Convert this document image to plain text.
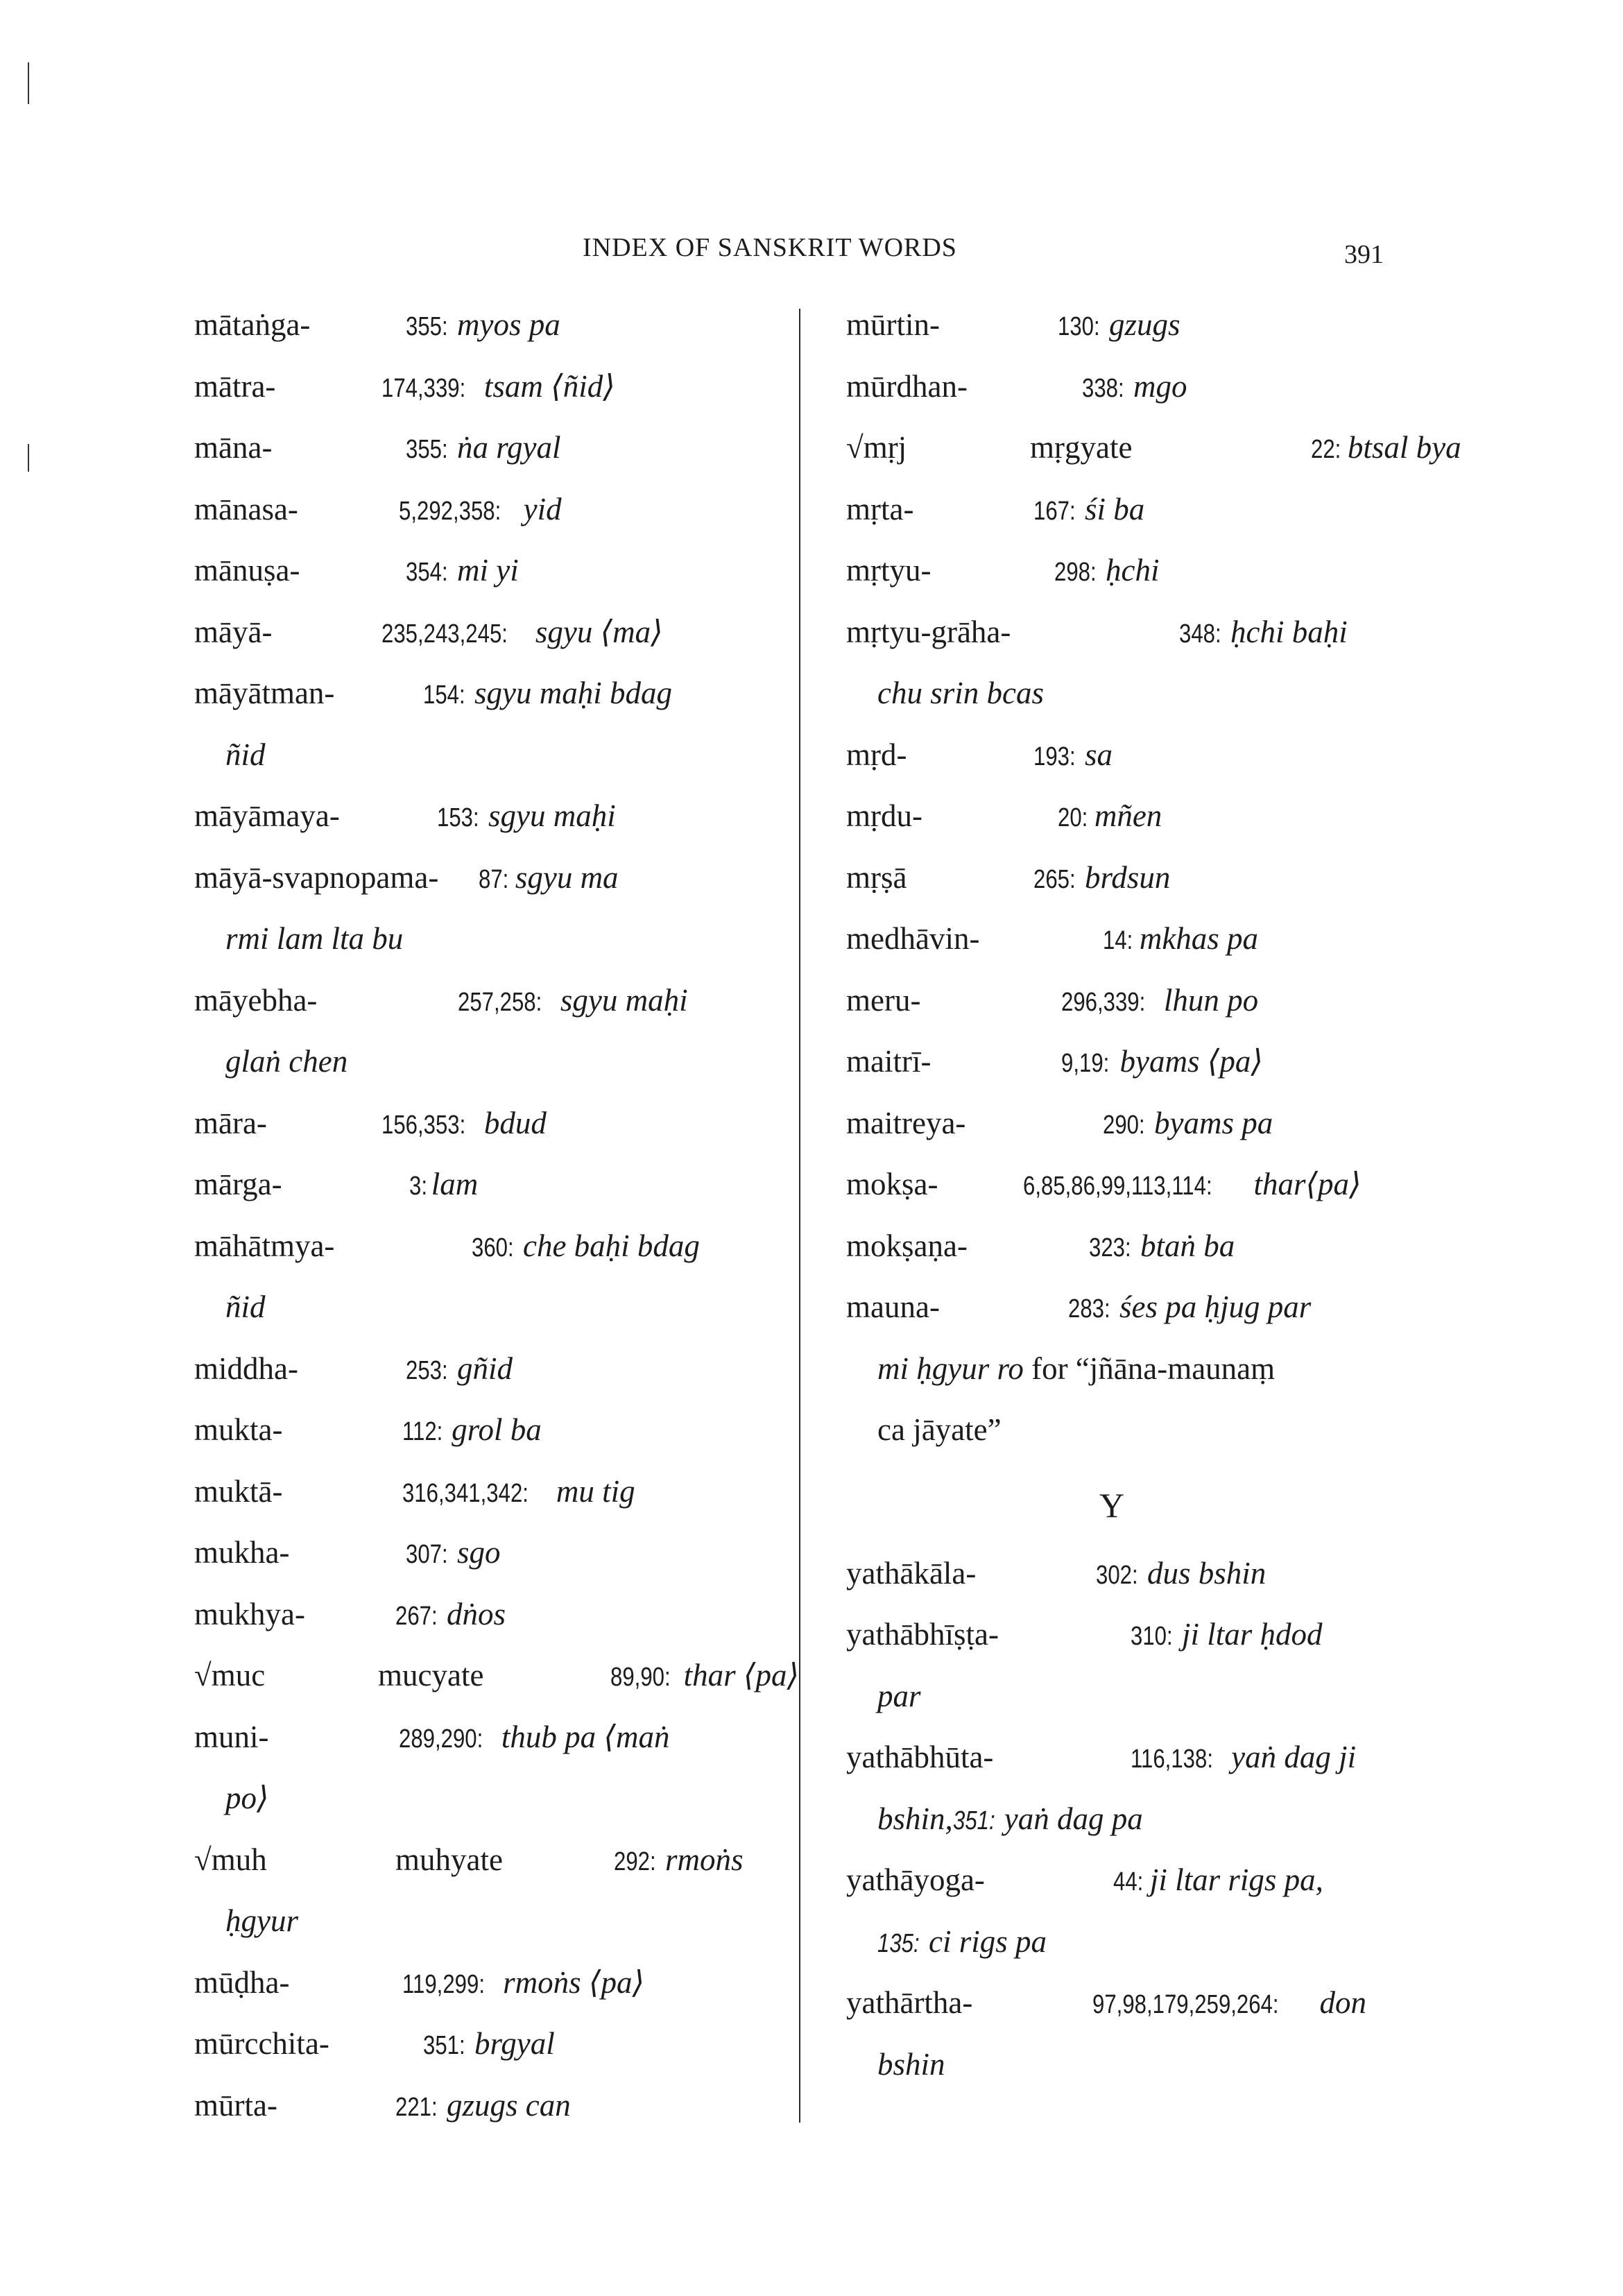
INDEX OF SANSKRIT WORDS	391
mātaṅga-	355: myos pa
mātra-	174,339: tsam ⟨ñid⟩
māna-	355: ṅa rgyal
mānasa-	5,292,358: yid
mānuṣa-	354: mi yi
māyā-	235,243,245: sgyu ⟨ma⟩
māyātman-	154: sgyu maḥi bdag
ñid
māyāmaya-	153: sgyu maḥi
māyā-svapnopama- 87: sgyu ma
rmi lam lta bu
māyebha-	257,258: sgyu maḥi
glaṅ chen
māra-	156,353: bdud
mārga-	3: lam
māhātmya-	360: che baḥi bdag
ñid
middha-	253: gñid
mukta-	112: grol ba
muktā-	316,341,342: mu tig
mukha-	307: sgo
mukhya-	267: dṅos
√muc	mucyate	89,90: thar ⟨pa⟩
muni-	289,290: thub pa ⟨maṅ
po⟩
√muh	muhyate	292: rmoṅs
ḥgyur
mūḍha-	119,299: rmoṅs ⟨pa⟩
mūrcchita-	351: brgyal
mūrta-	221: gzugs can
mūrtin-	130: gzugs
mūrdhan-	338: mgo
√mṛj	mṛgyate	22: btsal bya
mṛta-	167: śi ba
mṛtyu-	298: ḥchi
mṛtyu-grāha-	348: ḥchi baḥi
chu srin bcas
mṛd-	193: sa
mṛdu-	20: mñen
mṛṣā	265: brdsun
medhāvin-	14: mkhas pa
meru-	296,339: lhun po
maitrī-	9,19: byams ⟨pa⟩
maitreya-	290: byams pa
mokṣa-	6,85,86,99,113,114: thar⟨pa⟩
mokṣaṇa-	323: btaṅ ba
mauna-	283: śes pa ḥjug par
mi ḥgyur ro for “jñāna-maunaṃ
ca jāyate”
Y
yathākāla-	302: dus bshin
yathābhīṣṭa-	310: ji ltar ḥdod
par
yathābhūta-	116,138: yaṅ dag ji
bshin,351: yaṅ dag pa
yathāyoga-	44: ji ltar rigs pa,
135: ci rigs pa
yathārtha-	97,98,179,259,264: don
bshin
